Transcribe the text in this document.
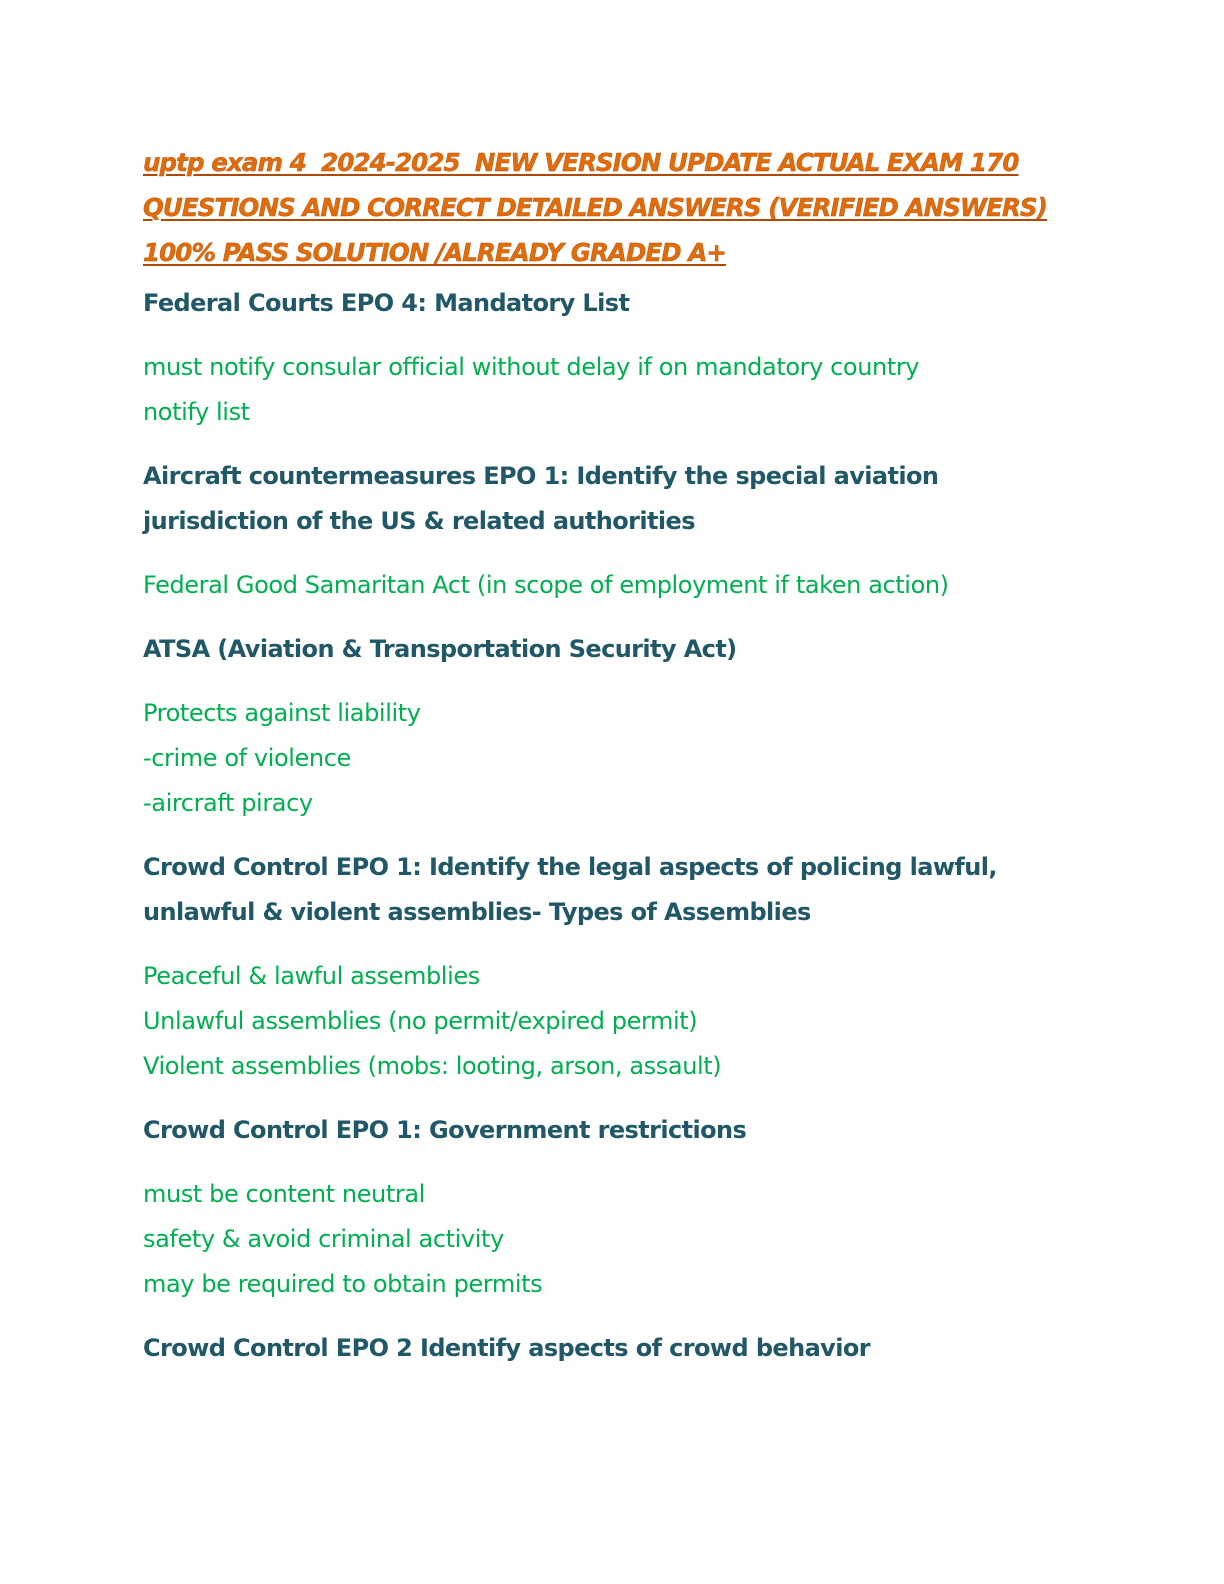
uptp exam 4  2024-2025  NEW VERSION UPDATE ACTUAL EXAM 170
QUESTIONS AND CORRECT DETAILED ANSWERS (VERIFIED ANSWERS)
100% PASS SOLUTION /ALREADY GRADED A+

Federal Courts EPO 4: Mandatory List

must notify consular official without delay if on mandatory country
notify list

Aircraft countermeasures EPO 1: Identify the special aviation jurisdiction of the US & related authorities

Federal Good Samaritan Act (in scope of employment if taken action)

ATSA (Aviation & Transportation Security Act)

Protects against liability
-crime of violence
-aircraft piracy

Crowd Control EPO 1: Identify the legal aspects of policing lawful, unlawful & violent assemblies- Types of Assemblies

Peaceful & lawful assemblies
Unlawful assemblies (no permit/expired permit)
Violent assemblies (mobs: looting, arson, assault)

Crowd Control EPO 1: Government restrictions

must be content neutral
safety & avoid criminal activity
may be required to obtain permits

Crowd Control EPO 2 Identify aspects of crowd behavior
